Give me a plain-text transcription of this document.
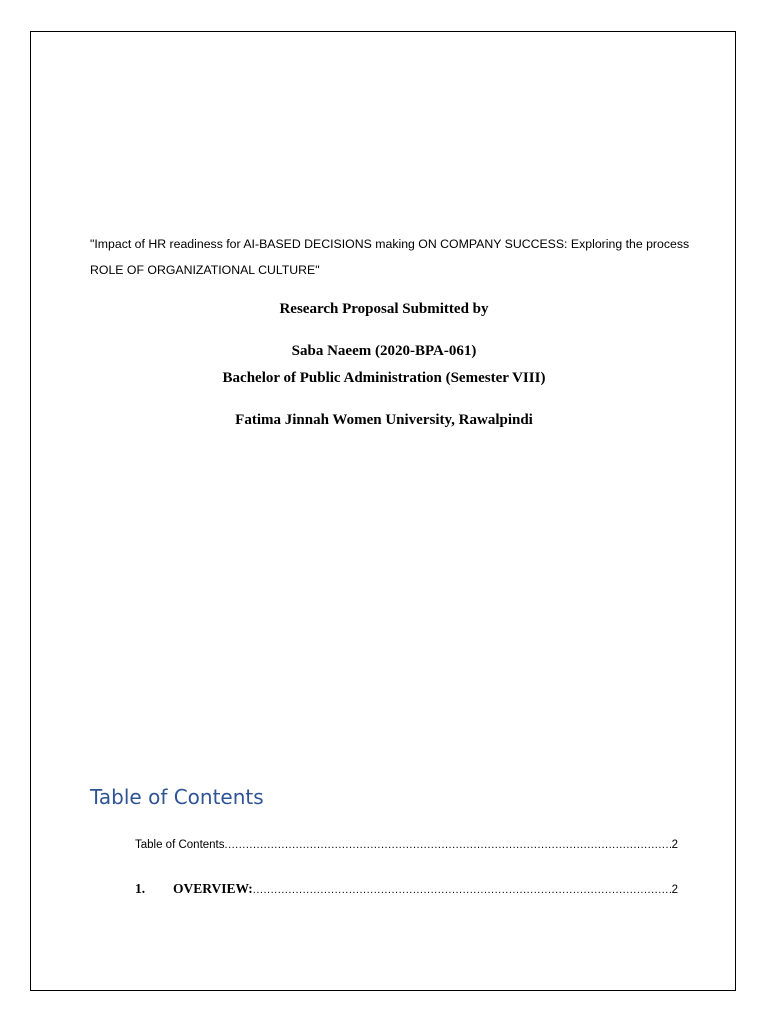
"Impact of HR readiness for AI-BASED DECISIONS making ON COMPANY SUCCESS: Exploring the process
ROLE OF ORGANIZATIONAL CULTURE"
Research Proposal Submitted by
Saba Naeem (2020-BPA-061)
Bachelor of Public Administration (Semester VIII)
Fatima Jinnah Women University, Rawalpindi
Table of Contents
Table of Contents .....	2
1.	OVERVIEW: .....	2
